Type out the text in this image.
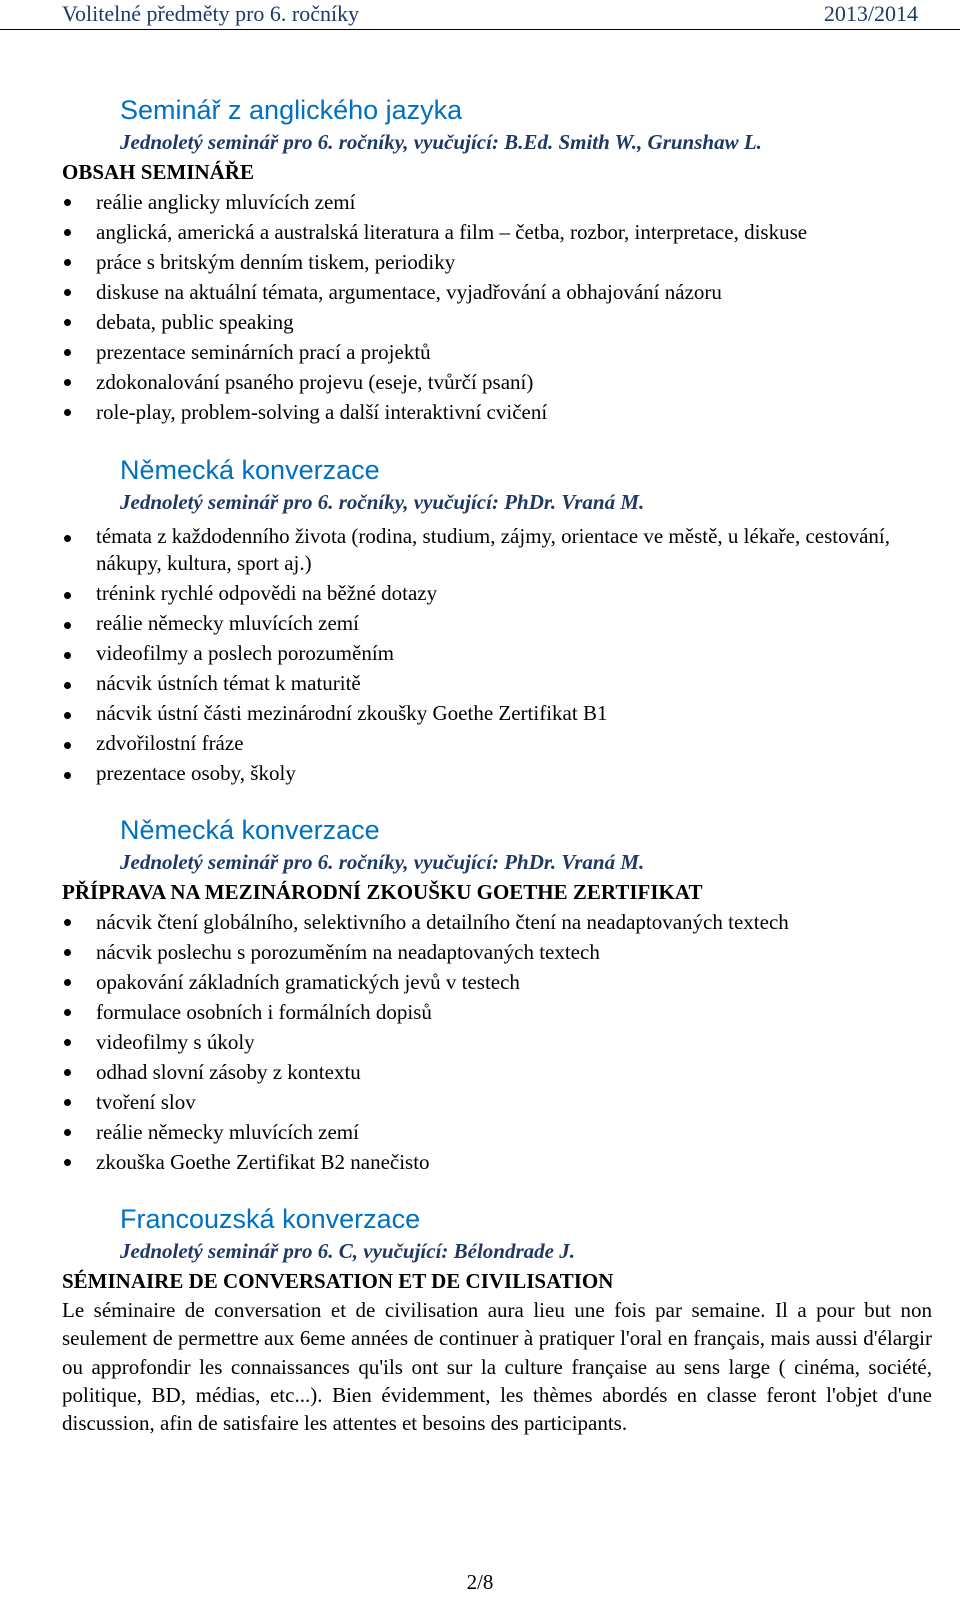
Volitelné předměty pro 6. ročníky	2013/2014
Seminář z anglického jazyka
Jednoletý seminář pro 6. ročníky, vyučující: B.Ed. Smith W., Grunshaw L.
OBSAH SEMINÁŘE
reálie anglicky mluvících zemí
anglická, americká a australská literatura a film – četba, rozbor, interpretace, diskuse
práce s britským denním tiskem, periodiky
diskuse na aktuální témata, argumentace, vyjadřování a obhajování názoru
debata, public speaking
prezentace seminárních prací a projektů
zdokonalování psaného projevu (eseje, tvůrčí psaní)
role-play, problem-solving a další interaktivní cvičení
Německá konverzace
Jednoletý seminář pro 6. ročníky, vyučující: PhDr. Vraná M.
témata z každodenního života (rodina, studium, zájmy, orientace ve městě, u lékaře, cestování, nákupy, kultura, sport aj.)
trénink rychlé odpovědi na běžné dotazy
reálie německy mluvících zemí
videofilmy a poslech porozuměním
nácvik ústních témat k maturitě
nácvik ústní části mezinárodní zkoušky Goethe Zertifikat B1
zdvořilostní fráze
prezentace osoby, školy
Německá konverzace
Jednoletý seminář pro 6. ročníky, vyučující: PhDr. Vraná M.
PŘÍPRAVA NA MEZINÁRODNÍ ZKOUŠKU GOETHE ZERTIFIKAT
nácvik čtení globálního, selektivního a detailního čtení na neadaptovaných textech
nácvik poslechu s porozuměním na neadaptovaných textech
opakování základních gramatických jevů v testech
formulace osobních i formálních dopisů
videofilmy s úkoly
odhad slovní zásoby z kontextu
tvoření slov
reálie německy mluvících zemí
zkouška Goethe Zertifikat B2 nanečisto
Francouzská konverzace
Jednoletý seminář pro 6. C, vyučující: Bélondrade J.
SÉMINAIRE DE CONVERSATION ET DE CIVILISATION

Le séminaire de conversation et de civilisation aura lieu une fois par semaine. Il a pour but non seulement de permettre aux 6eme années de continuer à pratiquer l'oral en français, mais aussi d'élargir ou approfondir les connaissances qu'ils ont sur la culture française au sens large ( cinéma, société, politique, BD, médias, etc...). Bien évidemment, les thèmes abordés en classe feront l'objet d'une discussion, afin de satisfaire les attentes et besoins des participants.

2/8
